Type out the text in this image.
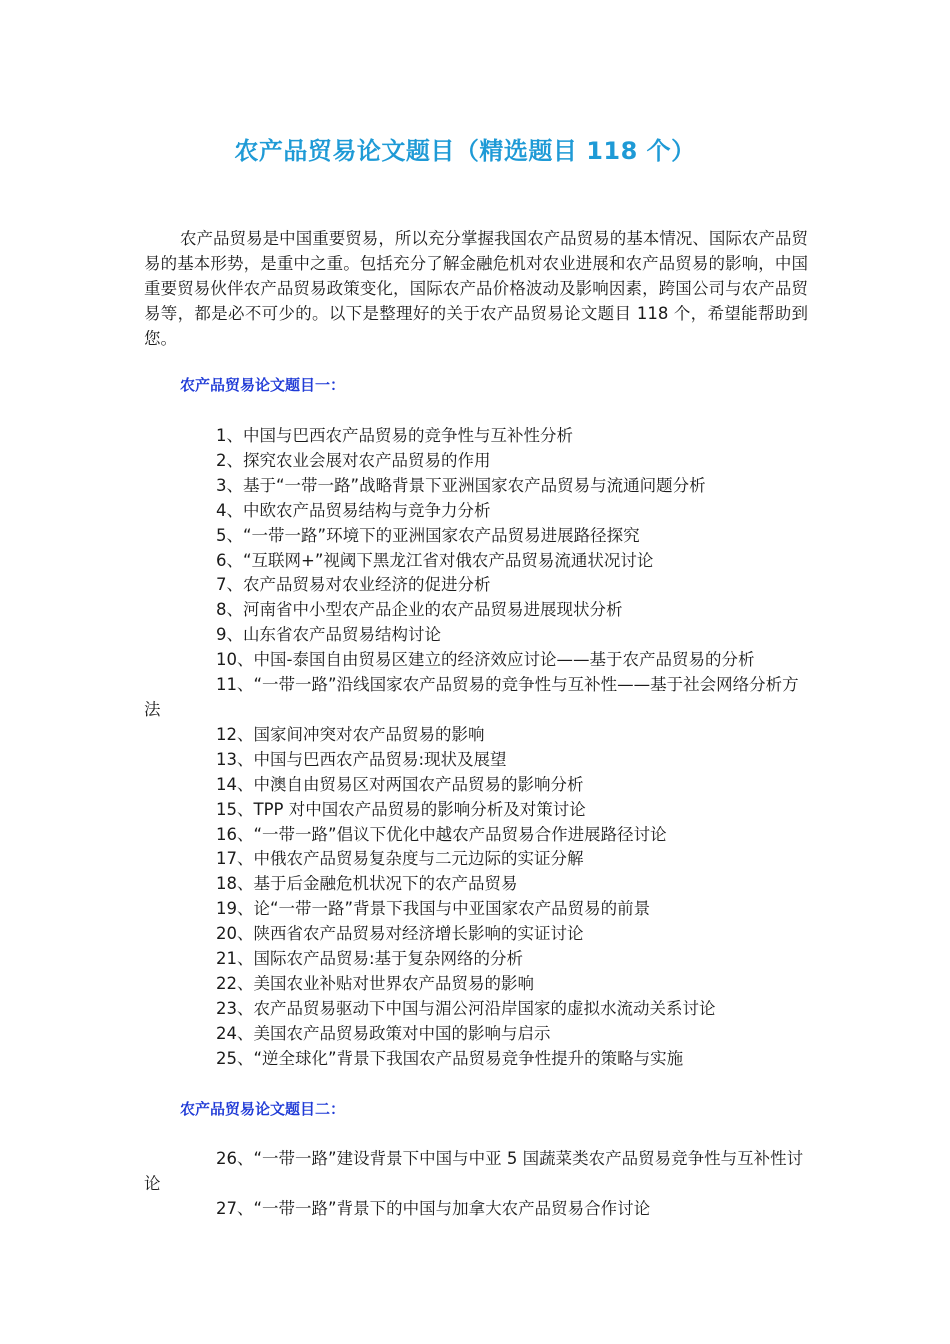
农产品贸易论文题目（精选题目 118 个）
农产品贸易是中国重要贸易，所以充分掌握我国农产品贸易的基本情况、国际农产品贸易的基本形势，是重中之重。包括充分了解金融危机对农业进展和农产品贸易的影响，中国重要贸易伙伴农产品贸易政策变化，国际农产品价格波动及影响因素，跨国公司与农产品贸易等，都是必不可少的。以下是整理好的关于农产品贸易论文题目 118 个，希望能帮助到您。
农产品贸易论文题目一：
1、中国与巴西农产品贸易的竞争性与互补性分析
2、探究农业会展对农产品贸易的作用
3、基于“一带一路”战略背景下亚洲国家农产品贸易与流通问题分析
4、中欧农产品贸易结构与竞争力分析
5、“一带一路”环境下的亚洲国家农产品贸易进展路径探究
6、“互联网+”视阈下黑龙江省对俄农产品贸易流通状况讨论
7、农产品贸易对农业经济的促进分析
8、河南省中小型农产品企业的农产品贸易进展现状分析
9、山东省农产品贸易结构讨论
10、中国-泰国自由贸易区建立的经济效应讨论——基于农产品贸易的分析
11、“一带一路”沿线国家农产品贸易的竞争性与互补性——基于社会网络分析方法
12、国家间冲突对农产品贸易的影响
13、中国与巴西农产品贸易:现状及展望
14、中澳自由贸易区对两国农产品贸易的影响分析
15、TPP 对中国农产品贸易的影响分析及对策讨论
16、“一带一路”倡议下优化中越农产品贸易合作进展路径讨论
17、中俄农产品贸易复杂度与二元边际的实证分解
18、基于后金融危机状况下的农产品贸易
19、论“一带一路”背景下我国与中亚国家农产品贸易的前景
20、陕西省农产品贸易对经济增长影响的实证讨论
21、国际农产品贸易:基于复杂网络的分析
22、美国农业补贴对世界农产品贸易的影响
23、农产品贸易驱动下中国与湄公河沿岸国家的虚拟水流动关系讨论
24、美国农产品贸易政策对中国的影响与启示
25、“逆全球化”背景下我国农产品贸易竞争性提升的策略与实施
农产品贸易论文题目二：
26、“一带一路”建设背景下中国与中亚 5 国蔬菜类农产品贸易竞争性与互补性讨论
27、“一带一路”背景下的中国与加拿大农产品贸易合作讨论
